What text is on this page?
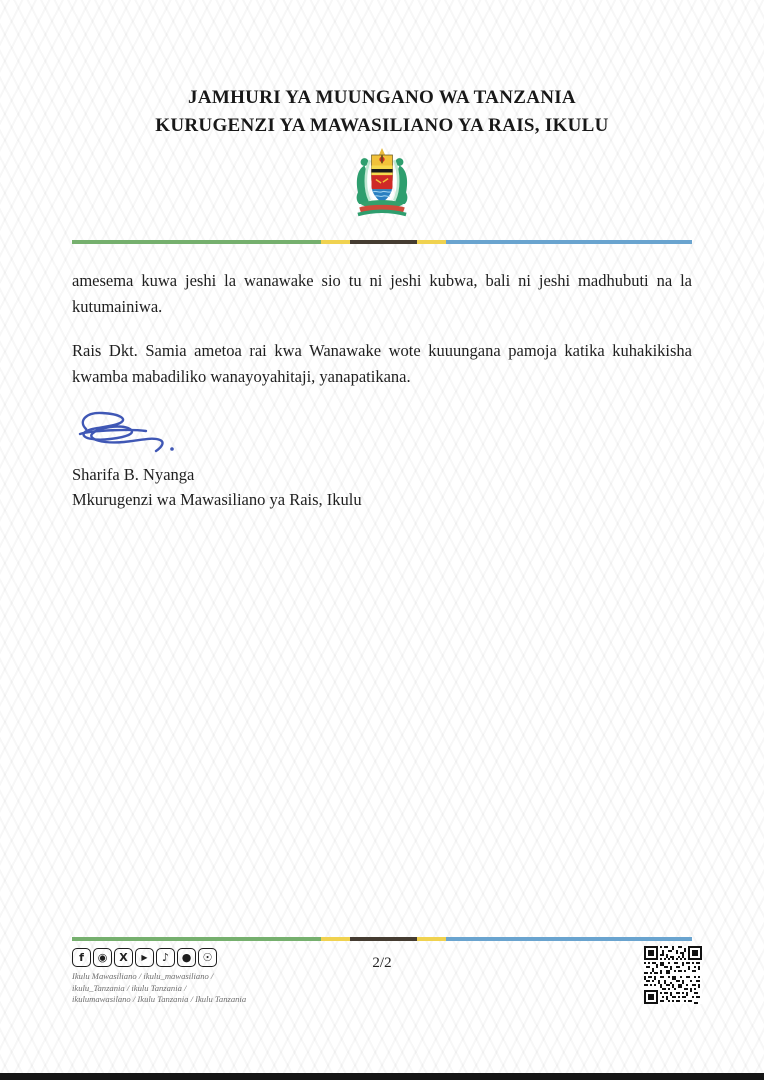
JAMHURI YA MUUNGANO WA TANZANIA
KURUGENZI YA MAWASILIANO YA RAIS, IKULU

amesema kuwa jeshi la wanawake sio tu ni jeshi kubwa, bali ni jeshi madhubuti na la kutumainiwa.

Rais Dkt. Samia ametoa rai kwa Wanawake wote kuuungana pamoja katika kuhakikisha kwamba mabadiliko wanayoyahitaji, yanapatikana.

Sharifa B. Nyanga
Mkurugenzi wa Mawasiliano ya Rais, Ikulu
f ◉ X ▶ ♪ ● ☉
Ikulu Mawasiliano / ikulu_mawasiliano /
ikulu_Tanzania / ikulu Tanzania /
ikulumawasilano / Ikulu Tanzania / Ikulu Tanzania
2/2
